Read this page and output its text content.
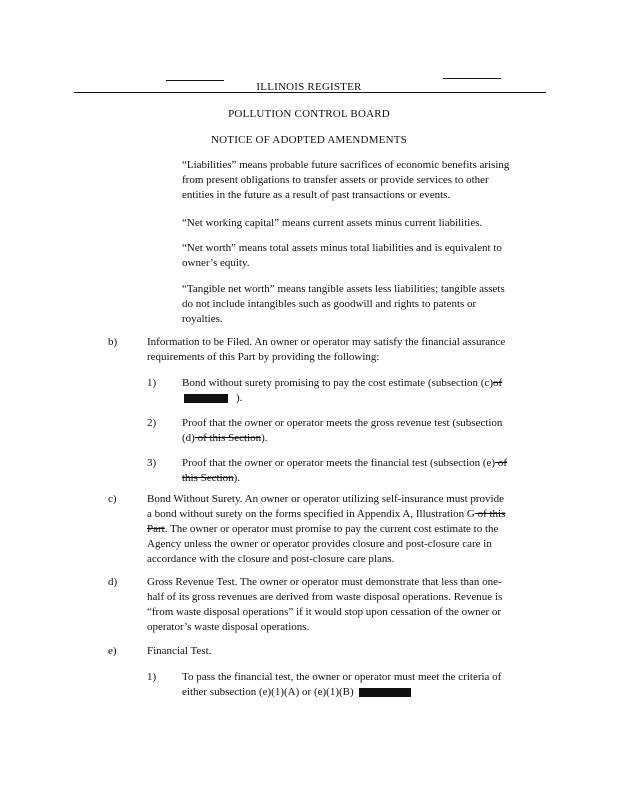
ILLINOIS REGISTER
POLLUTION CONTROL BOARD
NOTICE OF ADOPTED AMENDMENTS
“Liabilities” means probable future sacrifices of economic benefits arising
from present obligations to transfer assets or provide services to other
entities in the future as a result of past transactions or events.
“Net working capital” means current assets minus current liabilities.
“Net worth” means total assets minus total liabilities and is equivalent to
owner’s equity.
“Tangible net worth” means tangible assets less liabilities; tangible assets
do not include intangibles such as goodwill and rights to patents or
royalties.
b)	Information to be Filed. An owner or operator may satisfy the financial assurance
requirements of this Part by providing the following:
1) Bond without surety promising to pay the cost estimate (subsection (c)of
).
2) Proof that the owner or operator meets the gross revenue test (subsection
(d) of this Section).
3) Proof that the owner or operator meets the financial test (subsection (e) of
this Section).
c)	Bond Without Surety. An owner or operator utilizing self-insurance must provide
a bond without surety on the forms specified in Appendix A, Illustration G of this
Part. The owner or operator must promise to pay the current cost estimate to the
Agency unless the owner or operator provides closure and post-closure care in
accordance with the closure and post-closure care plans.
d)	Gross Revenue Test. The owner or operator must demonstrate that less than one-
half of its gross revenues are derived from waste disposal operations. Revenue is
“from waste disposal operations” if it would stop upon cessation of the owner or
operator’s waste disposal operations.
e)	Financial Test.
1) To pass the financial test, the owner or operator must meet the criteria of
either subsection (e)(1)(A) or (e)(1)(B)
